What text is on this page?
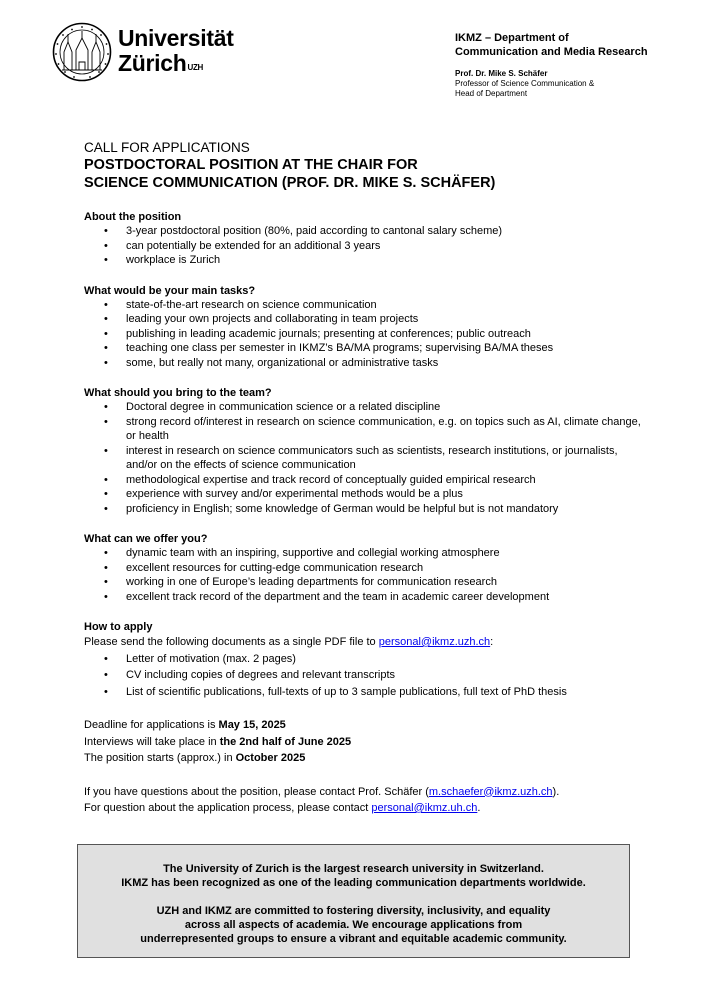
Universität
Zürich$^{UZH}$
IKMZ – Department of
Communication and Media Research
Prof. Dr. Mike S. Schäfer
Professor of Science Communication &
Head of Department
CALL FOR APPLICATIONS
POSTDOCTORAL POSITION AT THE CHAIR FOR
SCIENCE COMMUNICATION (PROF. DR. MIKE S. SCHÄFER)
About the position
• 3-year postdoctoral position (80%, paid according to cantonal salary scheme)
• can potentially be extended for an additional 3 years
• workplace is Zurich
What would be your main tasks?
• state-of-the-art research on science communication
• leading your own projects and collaborating in team projects
• publishing in leading academic journals; presenting at conferences; public outreach
• teaching one class per semester in IKMZ’s BA/MA programs; supervising BA/MA theses
• some, but really not many, organizational or administrative tasks
What should you bring to the team?
• Doctoral degree in communication science or a related discipline
• strong record of/interest in research on science communication, e.g. on topics such as AI, climate change, or health
• interest in research on science communicators such as scientists, research institutions, or journalists, and/or on the effects of science communication
• methodological expertise and track record of conceptually guided empirical research
• experience with survey and/or experimental methods would be a plus
• proficiency in English; some knowledge of German would be helpful but is not mandatory
What can we offer you?
• dynamic team with an inspiring, supportive and collegial working atmosphere
• excellent resources for cutting-edge communication research
• working in one of Europe’s leading departments for communication research
• excellent track record of the department and the team in academic career development
How to apply
Please send the following documents as a single PDF file to personal@ikmz.uzh.ch:
• Letter of motivation (max. 2 pages)
• CV including copies of degrees and relevant transcripts
• List of scientific publications, full-texts of up to 3 sample publications, full text of PhD thesis
Deadline for applications is May 15, 2025
Interviews will take place in the 2nd half of June 2025
The position starts (approx.) in October 2025
If you have questions about the position, please contact Prof. Schäfer (m.schaefer@ikmz.uzh.ch).
For question about the application process, please contact personal@ikmz.uh.ch.

The University of Zurich is the largest research university in Switzerland.

IKMZ has been recognized as one of the leading communication departments worldwide.

UZH and IKMZ are committed to fostering diversity, inclusivity, and equality

across all aspects of academia. We encourage applications from

underrepresented groups to ensure a vibrant and equitable academic community.
